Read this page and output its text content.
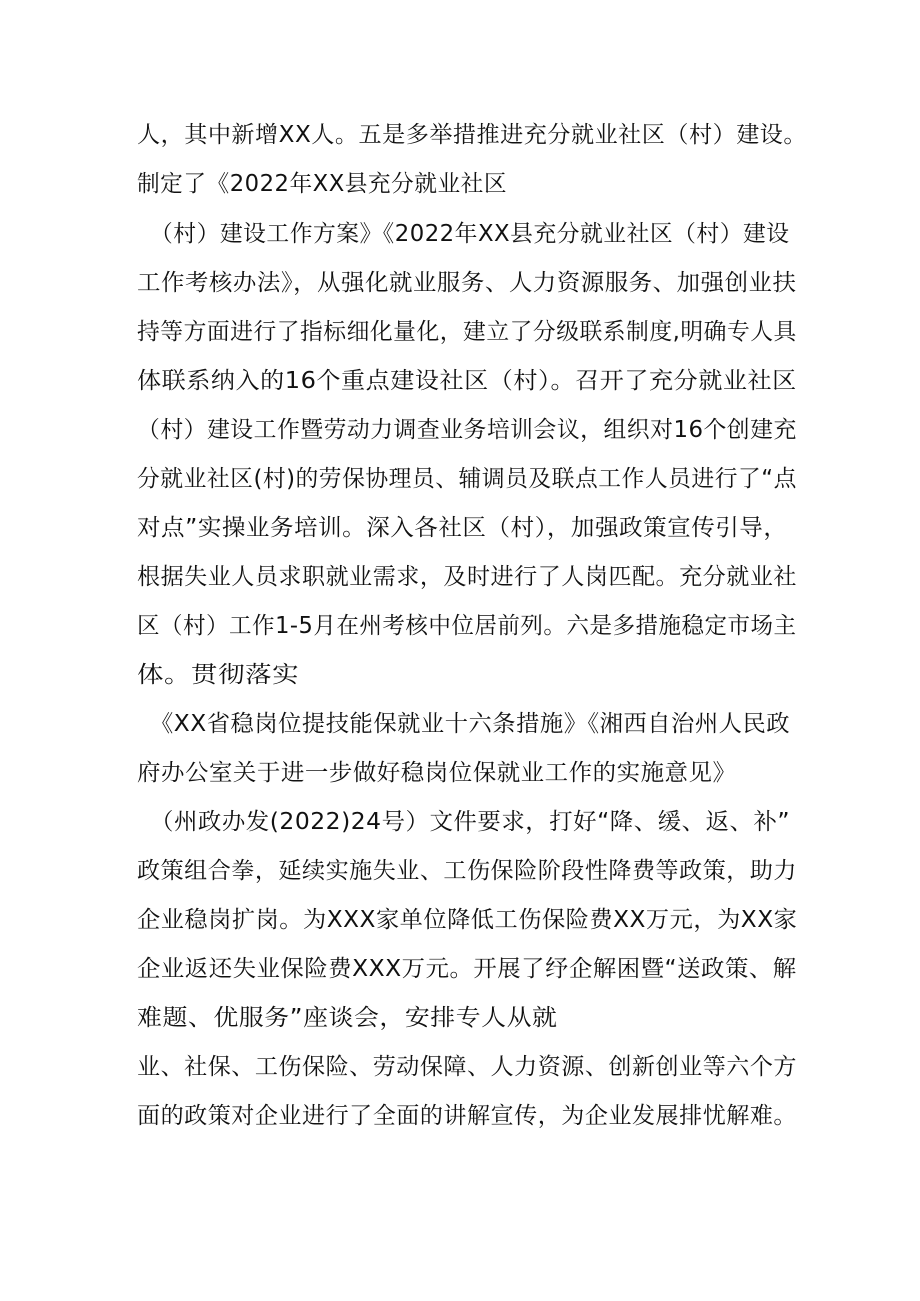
人，其中新增XX人。五是多举措推进充分就业社区（村）建设。
制定了《2022年XX县充分就业社区
（村）建设工作方案》《2022年XX县充分就业社区（村）建设
工作考核办法》，从强化就业服务、人力资源服务、加强创业扶
持等方面进行了指标细化量化，建立了分级联系制度,明确专人具
体联系纳入的16个重点建设社区（村）。召开了充分就业社区
（村）建设工作暨劳动力调查业务培训会议，组织对16个创建充
分就业社区(村)的劳保协理员、辅调员及联点工作人员进行了“点
对点”实操业务培训。深入各社区（村），加强政策宣传引导，
根据失业人员求职就业需求，及时进行了人岗匹配。充分就业社
区（村）工作1-5月在州考核中位居前列。六是多措施稳定市场主
体。贯彻落实
《XX省稳岗位提技能保就业十六条措施》《湘西自治州人民政
府办公室关于进一步做好稳岗位保就业工作的实施意见》
（州政办发(2022)24号）文件要求，打好“降、缓、返、补”
政策组合拳，延续实施失业、工伤保险阶段性降费等政策，助力
企业稳岗扩岗。为XXX家单位降低工伤保险费XX万元，为XX家
企业返还失业保险费XXX万元。开展了纾企解困暨“送政策、解
难题、优服务”座谈会，安排专人从就
业、社保、工伤保险、劳动保障、人力资源、创新创业等六个方
面的政策对企业进行了全面的讲解宣传，为企业发展排忧解难。
